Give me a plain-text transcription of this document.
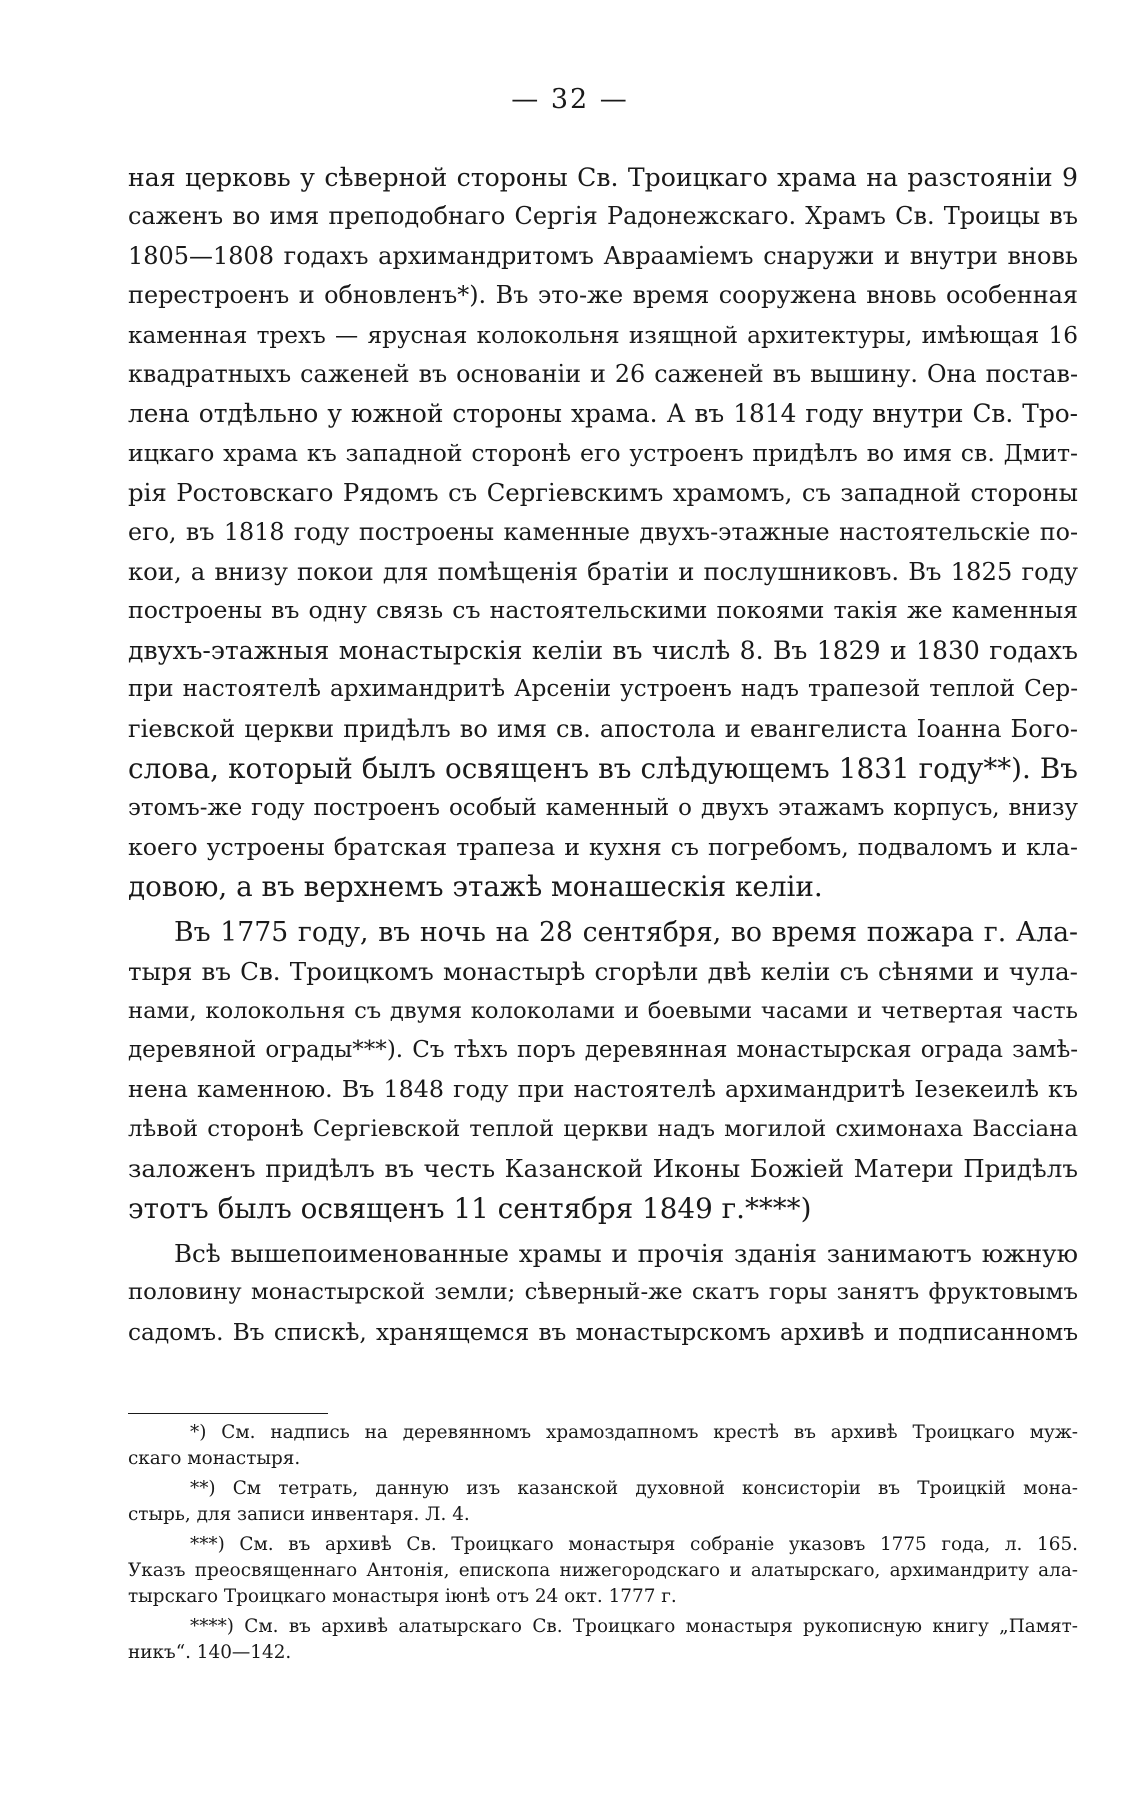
— 32 —
ная церковь у сѣверной стороны Св. Троицкаго храма на разстояніи 9
саженъ во имя преподобнаго Сергія Радонежскаго. Храмъ Св. Троицы въ
1805—1808 годахъ архимандритомъ Авраамiемъ снаружи и внутри вновь
перестроенъ и обновленъ*). Въ это-же время сооружена вновь особенная
каменная трехъ — ярусная колокольня изящной архитектуры, имѣющая 16
квадратныхъ саженей въ основаніи и 26 саженей въ вышину. Она постав-
лена отдѣльно у южной стороны храма. А въ 1814 году внутри Св. Тро-
ицкаго храма къ западной сторонѣ его устроенъ придѣлъ во имя св. Дмит-
рія Ростовскаго Рядомъ съ Сергіевскимъ храмомъ, съ западной стороны
его, въ 1818 году построены каменные двухъ-этажные настоятельскіе по-
кои, а внизу покои для помѣщенія братіи и послушниковъ. Въ 1825 году
построены въ одну связь съ настоятельскими покоями такія же каменныя
двухъ-этажныя монастырскія келіи въ числѣ 8. Въ 1829 и 1830 годахъ
при настоятелѣ архимандритѣ Арсеніи устроенъ надъ трапезой теплой Сер-
гіевской церкви придѣлъ во имя св. апостола и евангелиста Іоанна Бого-
слова, который былъ освященъ въ слѣдующемъ 1831 году**). Въ
этомъ-же году построенъ особый каменный о двухъ этажамъ корпусъ, внизу
коего устроены братская трапеза и кухня съ погребомъ, подваломъ и кла-
довою, а въ верхнемъ этажѣ монашескія келіи.
Въ 1775 году, въ ночь на 28 сентября, во время пожара г. Ала-
тыря въ Св. Троицкомъ монастырѣ сгорѣли двѣ келіи съ сѣнями и чула-
нами, колокольня съ двумя колоколами и боевыми часами и четвертая часть
деревяной ограды***). Съ тѣхъ поръ деревянная монастырская ограда замѣ-
нена каменною. Въ 1848 году при настоятелѣ архимандритѣ Іезекеилѣ къ
лѣвой сторонѣ Сергіевской теплой церкви надъ могилой схимонаха Вассіана
заложенъ придѣлъ въ честь Казанской Иконы Божіей Матери Придѣлъ
этотъ былъ освященъ 11 сентября 1849 г.****)
Всѣ вышепоименованные храмы и прочія зданія занимаютъ южную
половину монастырской земли; сѣверный-же скатъ горы занятъ фруктовымъ
садомъ. Въ спискѣ, хранящемся въ монастырскомъ архивѣ и подписанномъ
*) См. надпись на деревянномъ храмоздапномъ крестѣ въ архивѣ Троицкаго муж-
скаго монастыря.
**) См тетрать, данную изъ казанской духовной консисторіи въ Троицкій мона-
стырь, для записи инвентаря. Л. 4.
***) См. въ архивѣ Св. Троицкаго монастыря собраніе указовъ 1775 года, л. 165.
Указъ преосвященнаго Антонія, епископа нижегородскаго и алатырскаго, архимандриту ала-
тырскаго Троицкаго монастыря іюнѣ отъ 24 окт. 1777 г.
****) См. въ архивѣ алатырскаго Св. Троицкаго монастыря рукописную книгу „Памят-
никъ“. 140—142.
